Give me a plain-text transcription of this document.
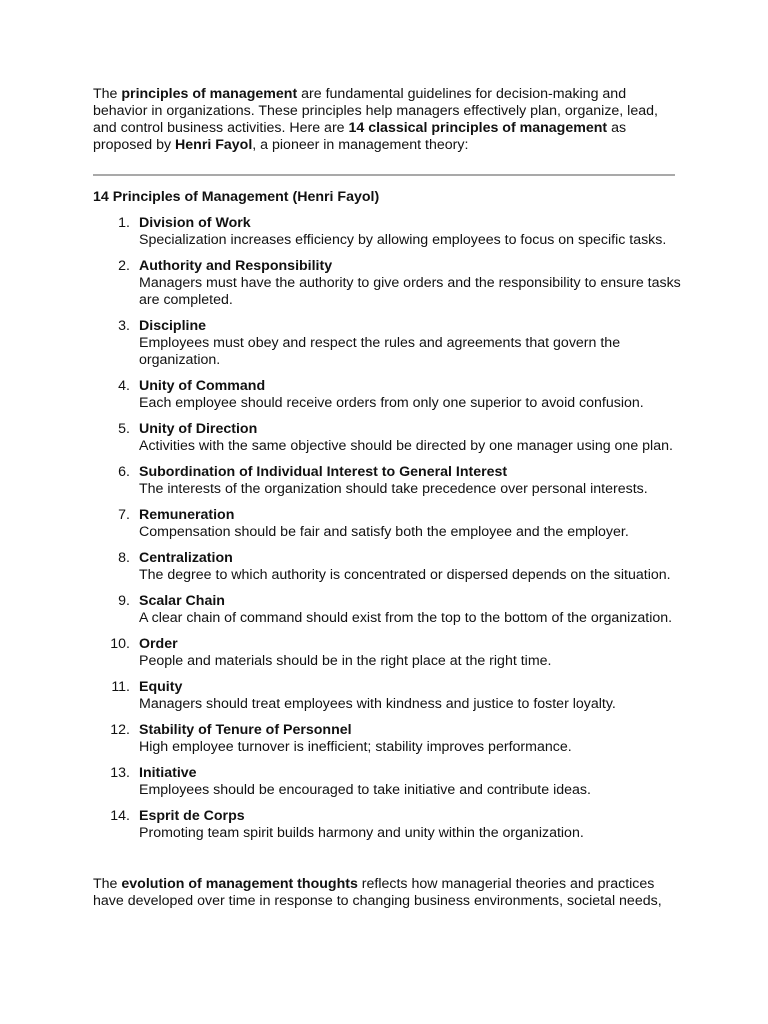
The principles of management are fundamental guidelines for decision-making and behavior in organizations. These principles help managers effectively plan, organize, lead, and control business activities. Here are 14 classical principles of management as proposed by Henri Fayol, a pioneer in management theory:

14 Principles of Management (Henri Fayol)
1. Division of Work
Specialization increases efficiency by allowing employees to focus on specific tasks.
2. Authority and Responsibility
Managers must have the authority to give orders and the responsibility to ensure tasks are completed.
3. Discipline
Employees must obey and respect the rules and agreements that govern the organization.
4. Unity of Command
Each employee should receive orders from only one superior to avoid confusion.
5. Unity of Direction
Activities with the same objective should be directed by one manager using one plan.
6. Subordination of Individual Interest to General Interest
The interests of the organization should take precedence over personal interests.
7. Remuneration
Compensation should be fair and satisfy both the employee and the employer.
8. Centralization
The degree to which authority is concentrated or dispersed depends on the situation.
9. Scalar Chain
A clear chain of command should exist from the top to the bottom of the organization.
10. Order
People and materials should be in the right place at the right time.
11. Equity
Managers should treat employees with kindness and justice to foster loyalty.
12. Stability of Tenure of Personnel
High employee turnover is inefficient; stability improves performance.
13. Initiative
Employees should be encouraged to take initiative and contribute ideas.
14. Esprit de Corps
Promoting team spirit builds harmony and unity within the organization.

The evolution of management thoughts reflects how managerial theories and practices
have developed over time in response to changing business environments, societal needs,
